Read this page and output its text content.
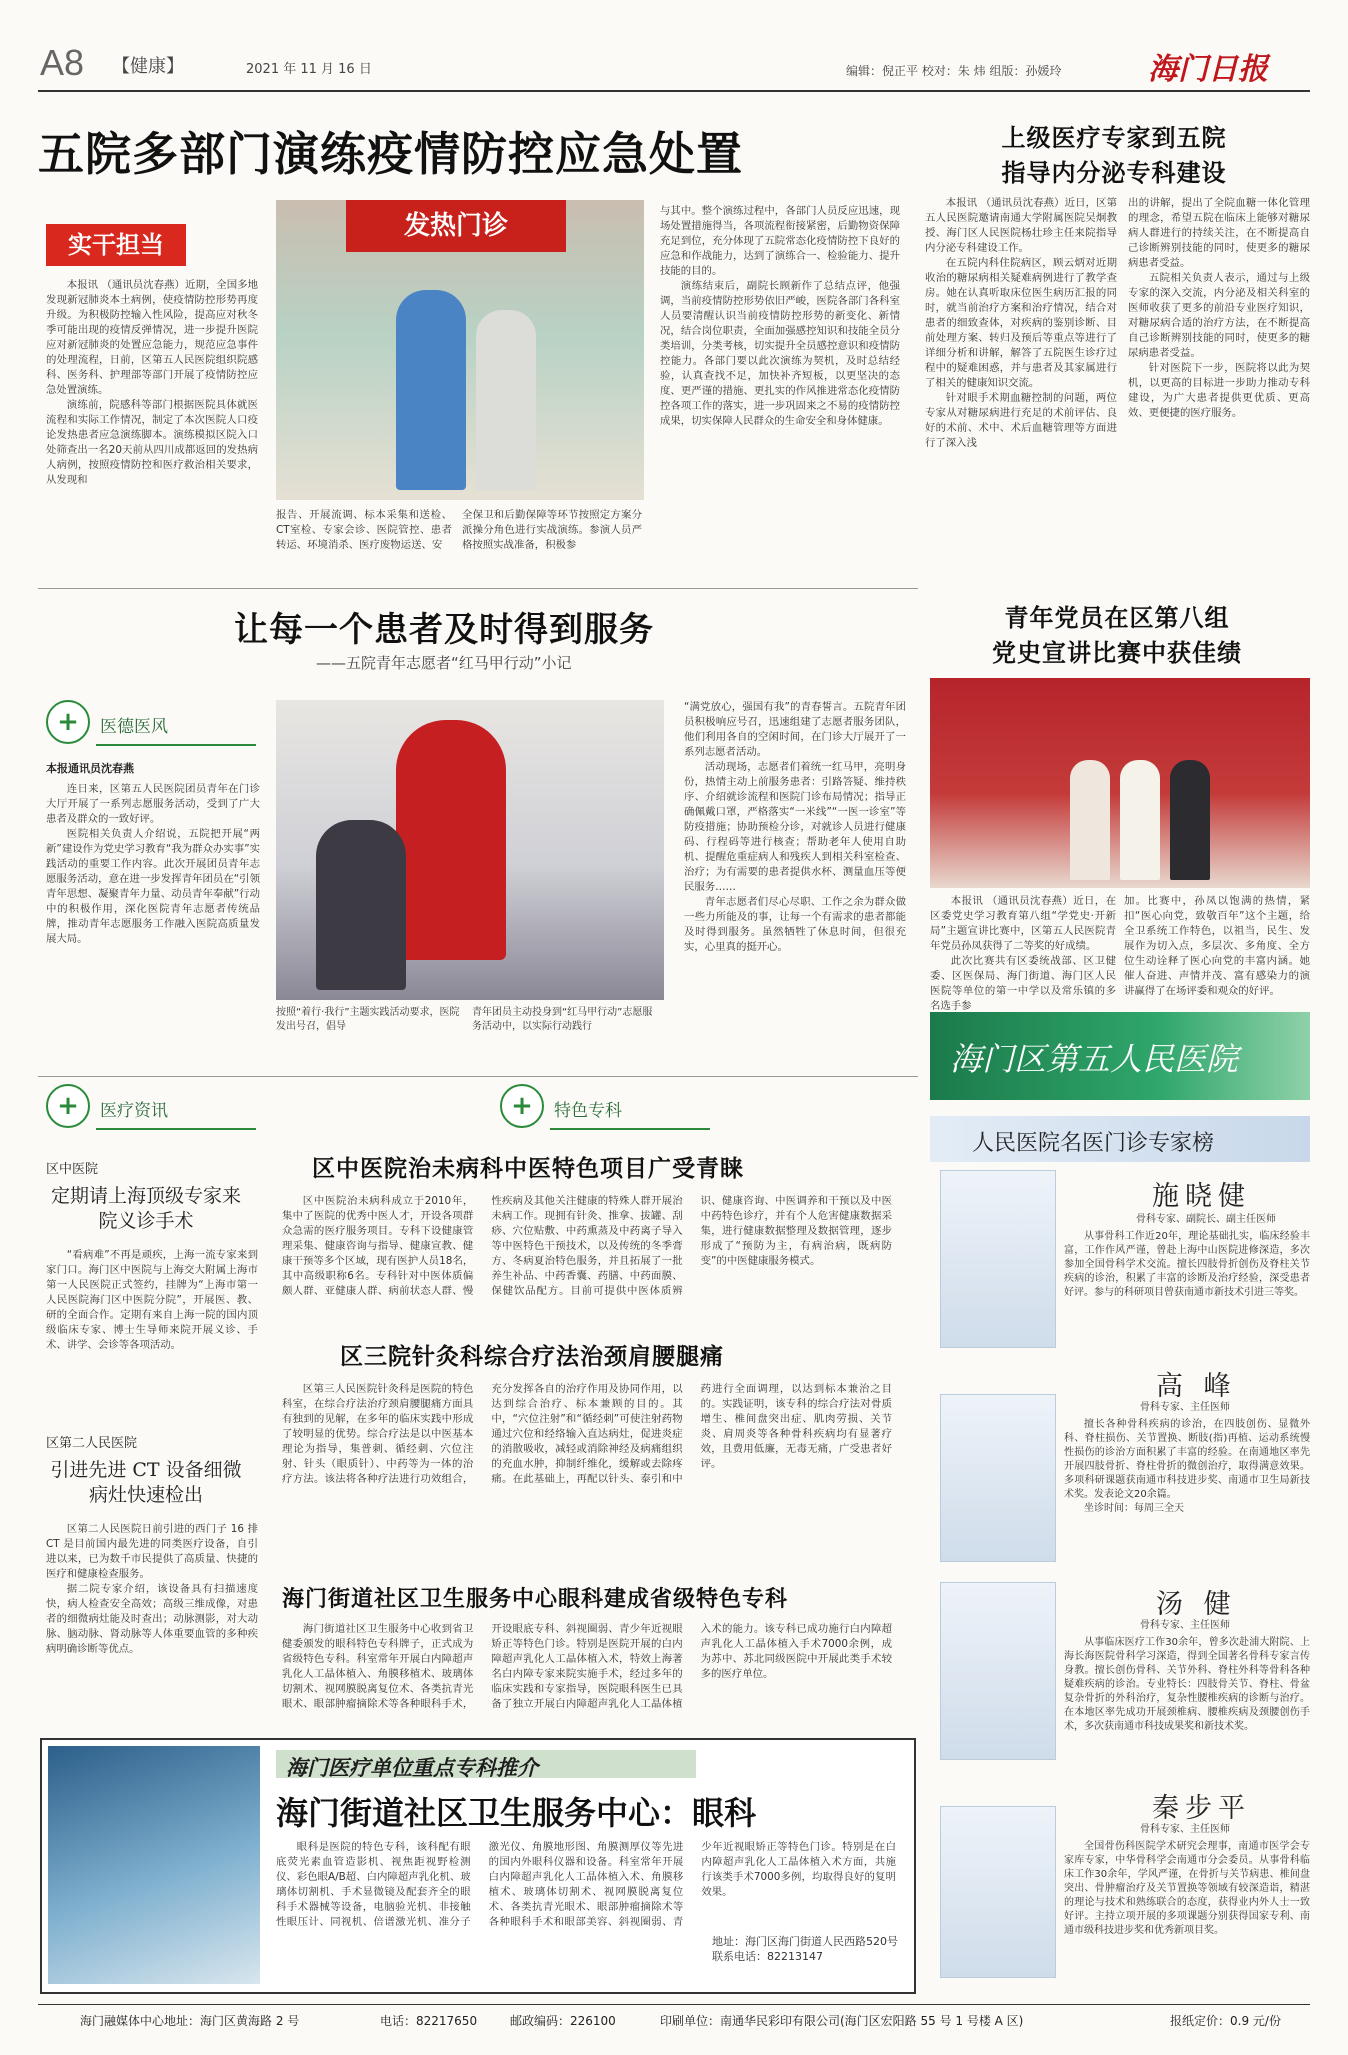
A8 【健康】	2021 年 11 月 16 日	编辑：倪正平 校对：朱 炜 组版：孙媛玲	海门日报
五院多部门演练疫情防控应急处置
实干担当
发热门诊

本报讯 （通讯员沈春燕）近期，全国多地发现新冠肺炎本土病例，使疫情防控形势再度升级。为积极防控输入性风险，提高应对秋冬季可能出现的疫情反弹情况，进一步提升医院应对新冠肺炎的处置应急能力，规范应急事件的处理流程，日前，区第五人民医院组织院感科、医务科、护理部等部门开展了疫情防控应急处置演练。

演练前，院感科等部门根据医院具体就医流程和实际工作情况，制定了本次医院人口疫论发热患者应急演练脚本。演练模拟区院入口处筛查出一名20天前从四川成都返回的发热病人病例，按照疫情防控和医疗救治相关要求，从发现和

报告、开展流调、标本采集和送检、CT室检、专家会诊、医院管控、患者转运、环境消杀、医疗废物运送、安

全保卫和后勤保障等环节按照定方案分派操分角色进行实战演练。参演人员严格按照实战准备，积极参

与其中。整个演练过程中，各部门人员反应迅速，现场处置措施得当，各项流程衔接紧密，后勤物资保障充足到位，充分体现了五院常态化疫情防控下良好的应急和作战能力，达到了演练合一、检验能力、提升技能的目的。

演练结束后，副院长顾新作了总结点评，他强调，当前疫情防控形势依旧严峻，医院各部门各科室人员要清醒认识当前疫情防控形势的新变化、新情况，结合岗位职责，全面加强感控知识和技能全员分类培训，分类考核，切实提升全员感控意识和疫情防控能力。各部门要以此次演练为契机，及时总结经验，认真查找不足，加快补齐短板，以更坚决的态度、更严谨的措施、更扎实的作风推进常态化疫情防控各项工作的落实，进一步巩固来之不易的疫情防控成果，切实保障人民群众的生命安全和身体健康。

上级医疗专家到五院
指导内分泌专科建设

本报讯 （通讯员沈春燕）近日，区第五人民医院邀请南通大学附属医院吴炯教授、海门区人民医院杨壮珍主任来院指导内分泌专科建设工作。

在五院内科住院病区，顾云炳对近期收治的糖尿病相关疑难病例进行了教学查房。她在认真听取床位医生病历汇报的同时，就当前治疗方案和治疗情况，结合对患者的细致查体，对疾病的鉴别诊断、目前处理方案、转归及预后等重点等进行了详细分析和讲解，解答了五院医生诊疗过程中的疑难困惑，并与患者及其家属进行了相关的健康知识交流。

针对眼手术期血糖控制的问题，两位专家从对糖尿病进行充足的术前评估、良好的术前、术中、术后血糖管理等方面进行了深入浅

出的讲解，提出了全院血糖一体化管理的理念，希望五院在临床上能够对糖尿病人群进行的持续关注，在不断提高自己诊断辨别技能的同时，使更多的糖尿病患者受益。

五院相关负责人表示，通过与上级专家的深入交流，内分泌及相关科室的医师收获了更多的前沿专业医疗知识，对糖尿病合适的治疗方法，在不断提高自己诊断辨别技能的同时，使更多的糖尿病患者受益。

针对医院下一步，医院将以此为契机，以更高的目标进一步助力推动专科建设，为广大患者提供更优质、更高效、更便捷的医疗服务。

让每一个患者及时得到服务
——五院青年志愿者“红马甲行动”小记
+ 医德医风
本报通讯员沈春燕

连日来，区第五人民医院团员青年在门诊大厅开展了一系列志愿服务活动，受到了广大患者及群众的一致好评。

医院相关负责人介绍说，五院把开展“两新”建设作为党史学习教育“我为群众办实事”实践活动的重要工作内容。此次开展团员青年志愿服务活动，意在进一步发挥青年团员在“引领青年思想、凝聚青年力量、动员青年奉献”行动中的积极作用，深化医院青年志愿者传统品牌，推动青年志愿服务工作融入医院高质量发展大局。

按照“着行·我行”主题实践活动要求，医院发出号召，倡导
青年团员主动投身到“红马甲行动”志愿服务活动中，以实际行动践行

“满党放心，强国有我”的青春誓言。五院青年团员积极响应号召，迅速组建了志愿者服务团队，他们利用各自的空闲时间，在门诊大厅展开了一系列志愿者活动。

活动现场，志愿者们着统一红马甲，亮明身份，热情主动上前服务患者：引路答疑、维持秩序、介绍就诊流程和医院门诊布局情况；指导正确佩戴口罩，严格落实“一米线”“一医一诊室”等防疫措施；协助预检分诊，对就诊人员进行健康码、行程码等进行核查；帮助老年人使用自助机、提醒危重症病人和残疾人到相关科室检查、治疗；为有需要的患者提供水杯、测量血压等便民服务……

青年志愿者们尽心尽职、工作之余为群众做一些力所能及的事，让每一个有需求的患者都能及时得到服务。虽然牺牲了休息时间，但很充实，心里真的挺开心。

青年党员在区第八组
党史宣讲比赛中获佳绩

本报讯 （通讯员沈春燕）近日，在区委党史学习教育第八组“学党史·开新局”主题宣讲比赛中，区第五人民医院青年党员孙凤获得了二等奖的好成绩。

此次比赛共有区委统战部、区卫健委、区医保局、海门街道、海门区人民医院等单位的第一中学以及常乐镇的多名选手参

加。比赛中，孙凤以饱满的热情，紧扣“医心向党，致敬百年”这个主题，给全卫系统工作特色，以祖当，民生、发展作为切入点，多层次、多角度、全方位生动诠释了医心向党的丰富内涵。她催人奋进、声情并茂、富有感染力的演讲赢得了在场评委和观众的好评。

海门区第五人民医院
人民医院名医门诊专家榜
施晓健
骨科专家、副院长、副主任医师

从事骨科工作近20年，理论基础扎实，临床经验丰富，工作作风严谨，曾赴上海中山医院进修深造，多次参加全国骨科学术交流。擅长四肢骨折创伤及脊柱关节疾病的诊治，积累了丰富的诊断及治疗经验，深受患者好评。参与的科研项目曾获南通市新技术引进三等奖。

高 峰
骨科专家、主任医师

擅长各种骨科疾病的诊治，在四肢创伤、显微外科、脊柱损伤、关节置换、断肢(指)再植、运动系统慢性损伤的诊治方面积累了丰富的经验。在南通地区率先开展四肢骨折、脊柱骨折的微创治疗，取得满意效果。多项科研课题获南通市科技进步奖、南通市卫生局新技术奖。发表论文20余篇。

坐诊时间：每周三全天

汤 健
骨科专家、主任医师

从事临床医疗工作30余年，曾多次赴浦大附院、上海长海医院骨科学习深造，得到全国著名骨科专家言传身教。擅长创伤骨科、关节外科、脊柱外科等骨科各种疑难疾病的诊治。专业特长：四肢骨关节、脊柱、骨盆复杂骨折的外科治疗，复杂性腰椎疾病的诊断与治疗。在本地区率先成功开展颈椎病、腰椎疾病及颈腰创伤手术，多次获南通市科技成果奖和新技术奖。

秦步平
骨科专家、主任医师

全国骨伤科医院学术研究会理事，南通市医学会专家库专家，中华骨科学会南通市分会委员。从事骨科临床工作30余年，学风严谨，在骨折与关节病患、椎间盘突出、骨肿瘤治疗及关节置换等领域有较深造诣，精湛的理论与技术和熟练联合的态度，获得业内外人士一致好评。主持立项开展的多项课题分别获得国家专利、南通市级科技进步奖和优秀新项目奖。

+ 医疗资讯
区中医院
定期请上海顶级专家来院义诊手术

“看病难”不再是顽疾，上海一流专家来到家门口。海门区中医院与上海交大附属上海市第一人民医院正式签约，挂牌为“上海市第一人民医院海门区中医院分院”，开展医、教、研的全面合作。定期有来自上海一院的国内顶级临床专家、博士生导师来院开展义诊、手术、讲学、会诊等各项活动。

区第二人民医院
引进先进 CT 设备细微病灶快速检出

区第二人民医院日前引进的西门子 16 排CT 是目前国内最先进的同类医疗设备，自引进以来，已为数千市民提供了高质量、快捷的医疗和健康检查服务。

据二院专家介绍，该设备具有扫描速度快，病人检查安全高效；高级三维成像，对患者的细微病灶能及时查出；动脉测影，对大动脉、脑动脉、肾动脉等人体重要血管的多种疾病明确诊断等优点。

+ 特色专科
区中医院治未病科中医特色项目广受青睐

区中医院治未病科成立于2010年，集中了医院的优秀中医人才，开设各项群众急需的医疗服务项目。专科下设健康管理采集、健康咨询与指导、健康宣教、健康干预等多个区域，现有医护人员18名，其中高级职称6名。专科针对中医体质偏颇人群、亚健康人群、病前状态人群、慢性疾病及其他关注健康的特殊人群开展治未病工作。现拥有针灸、推拿、拔罐、刮痧、穴位贴敷、中药熏蒸及中药离子导入等中医特色干预技术，以及传统的冬季膏方、冬病夏治特色服务，并且拓展了一批养生补品、中药香囊、药膳、中药面膜、保健饮品配方。目前可提供中医体质辨识、健康咨询、中医调养和干预以及中医中药特色诊疗，并有个人危害健康数据采集，进行健康数据整理及数据管理，逐步形成了“预防为主，有病治病，既病防变”的中医健康服务模式。

区三院针灸科综合疗法治颈肩腰腿痛

区第三人民医院针灸科是医院的特色科室，在综合疗法治疗颈肩腰腿痛方面具有独到的见解，在多年的临床实践中形成了较明显的优势。综合疗法是以中医基本理论为指导，集普刺、循经刺、穴位注射、针头（眼质针）、中药等为一体的治疗方法。该法将各种疗法进行功效组合，充分发挥各自的治疗作用及协同作用，以达到综合治疗、标本兼顾的目的。其中，“穴位注射”和“循经刺”可使注射药物通过穴位和经络输入直达病灶，促进炎症的消散吸收，减轻或消除神经及病痛组织的充血水肿，抑制纤维化，缓解或去除疼痛。在此基础上，再配以针头、泰引和中药进行全面调理，以达到标本兼治之目的。实践证明，该专科的综合疗法对骨质增生、椎间盘突出症、肌肉劳损、关节炎、肩周炎等各种骨科疾病均有显著疗效，且费用低廉，无毒无痛，广受患者好评。

海门街道社区卫生服务中心眼科建成省级特色专科

海门街道社区卫生服务中心收到省卫健委颁发的眼科特色专科牌子，正式成为省级特色专科。科室常年开展白内障超声乳化人工晶体植入、角膜移植术、玻璃体切割术、视网膜脱离复位术、各类抗青光眼术、眼部肿瘤摘除术等各种眼科手术，开设眼底专科、斜视圈弱、青少年近视眼矫正等特色门诊。特别是医院开展的白内障超声乳化人工晶体植入术，特效上海著名白内障专家来院实施手术，经过多年的临床实践和专家指导，医院眼科医生已具备了独立开展白内障超声乳化人工晶体植入术的能力。该专科已成功施行白内障超声乳化人工晶体植入手术7000余例，成为苏中、苏北同级医院中开展此类手术较多的医疗单位。

海门医疗单位重点专科推介
海门街道社区卫生服务中心：眼科

眼科是医院的特色专科，该科配有眼底荧光素血管造影机、视焦距视野检测仪、彩色眼A/B超、白内障超声乳化机、玻璃体切割机、手术显微镜及配套齐全的眼科手术器械等设备，电脑验光机、非接触性眼压计、同视机、倍谱激光机、准分子激光仪、角膜地形图、角膜测厚仪等先进的国内外眼科仪器和设备。科室常年开展白内障超声乳化人工晶体植入术、角膜移植术、玻璃体切割术、视网膜脱离复位术、各类抗青光眼术、眼部肿瘤摘除术等各种眼科手术和眼部美容、斜视圈弱、青少年近视眼矫正等特色门诊。特别是在白内障超声乳化人工晶体植入术方面，共施行该类手术7000多例，均取得良好的复明效果。

地址：海门区海门街道人民西路520号
联系电话：82213147
海门融媒体中心地址：海门区黄海路 2 号	电话：82217650	邮政编码：226100	印刷单位：南通华民彩印有限公司(海门区宏阳路 55 号 1 号楼 A 区)	报纸定价：0.9 元/份
